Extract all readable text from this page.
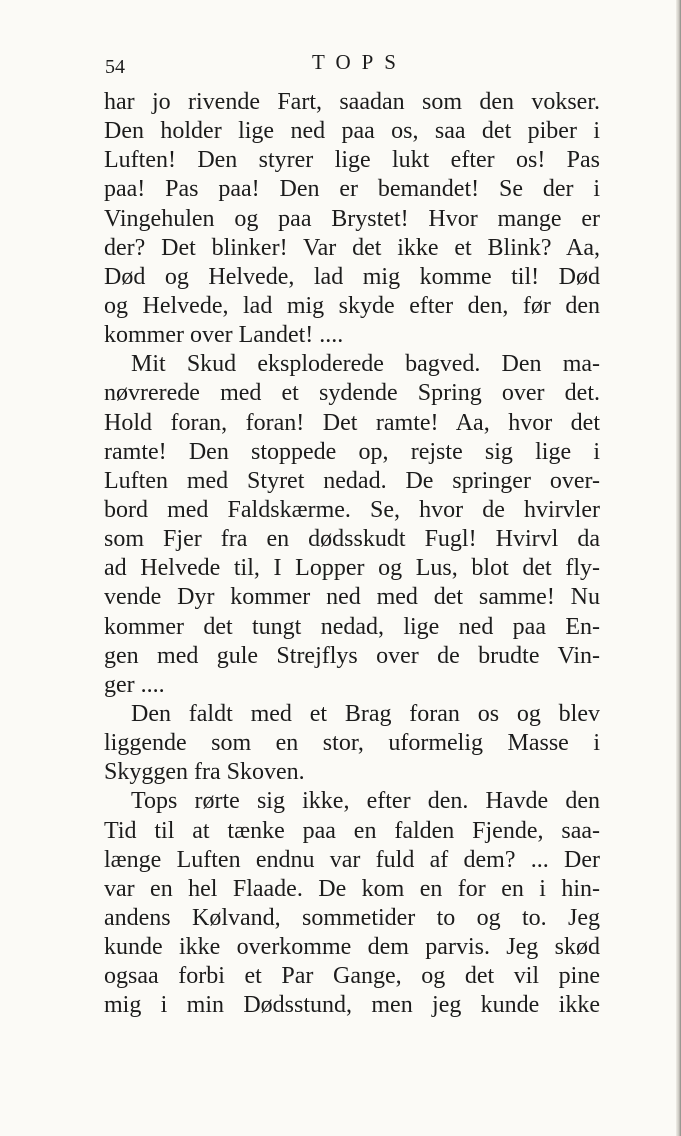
54	TOPS
har jo rivende Fart, saadan som den vokser.
Den holder lige ned paa os, saa det piber i
Luften! Den styrer lige lukt efter os! Pas
paa! Pas paa! Den er bemandet! Se der i
Vingehulen og paa Brystet! Hvor mange er
der? Det blinker! Var det ikke et Blink? Aa,
Død og Helvede, lad mig komme til! Død
og Helvede, lad mig skyde efter den, før den
kommer over Landet! ....
Mit Skud eksploderede bagved. Den ma-
nøvrerede med et sydende Spring over det.
Hold foran, foran! Det ramte! Aa, hvor det
ramte! Den stoppede op, rejste sig lige i
Luften med Styret nedad. De springer over-
bord med Faldskærme. Se, hvor de hvirvler
som Fjer fra en dødsskudt Fugl! Hvirvl da
ad Helvede til, I Lopper og Lus, blot det fly-
vende Dyr kommer ned med det samme! Nu
kommer det tungt nedad, lige ned paa En-
gen med gule Strejflys over de brudte Vin-
ger ....
Den faldt med et Brag foran os og blev
liggende som en stor, uformelig Masse i
Skyggen fra Skoven.
Tops rørte sig ikke, efter den. Havde den
Tid til at tænke paa en falden Fjende, saa-
længe Luften endnu var fuld af dem? ... Der
var en hel Flaade. De kom en for en i hin-
andens Kølvand, sommetider to og to. Jeg
kunde ikke overkomme dem parvis. Jeg skød
ogsaa forbi et Par Gange, og det vil pine
mig i min Dødsstund, men jeg kunde ikke
